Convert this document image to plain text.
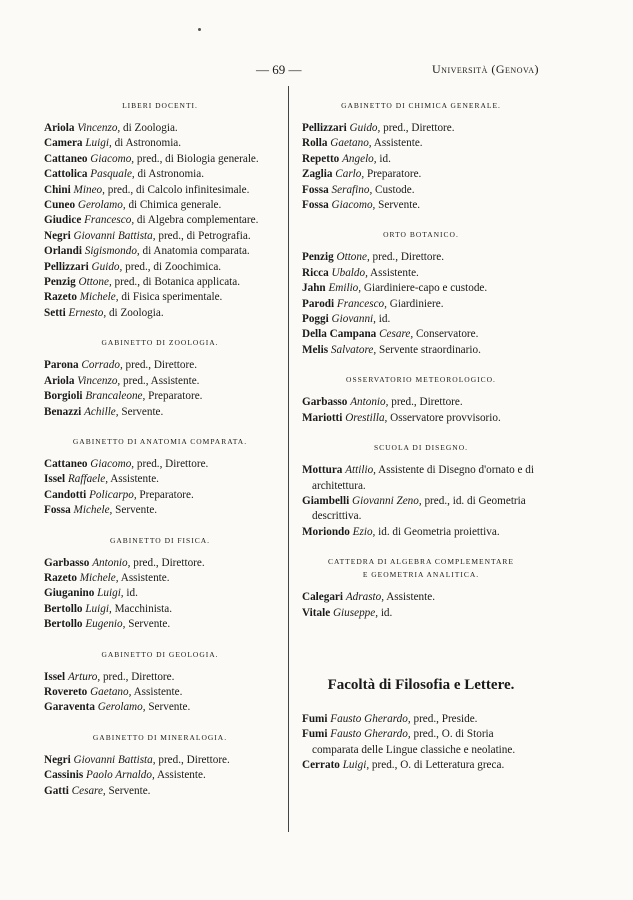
— 69 —	Università (Genova)
LIBERI DOCENTI.
Ariola Vincenzo, di Zoologia.
Camera Luigi, di Astronomia.
Cattaneo Giacomo, pred., di Biologia generale.
Cattolica Pasquale, di Astronomia.
Chini Mineo, pred., di Calcolo infinitesimale.
Cuneo Gerolamo, di Chimica generale.
Giudice Francesco, di Algebra complementare.
Negri Giovanni Battista, pred., di Petrografia.
Orlandi Sigismondo, di Anatomia comparata.
Pellizzari Guido, pred., di Zoochimica.
Penzig Ottone, pred., di Botanica applicata.
Razeto Michele, di Fisica sperimentale.
Setti Ernesto, di Zoologia.
GABINETTO DI ZOOLOGIA.
Parona Corrado, pred., Direttore.
Ariola Vincenzo, pred., Assistente.
Borgioli Brancaleone, Preparatore.
Benazzi Achille, Servente.
GABINETTO DI ANATOMIA COMPARATA.
Cattaneo Giacomo, pred., Direttore.
Issel Raffaele, Assistente.
Candotti Policarpo, Preparatore.
Fossa Michele, Servente.
GABINETTO DI FISICA.
Garbasso Antonio, pred., Direttore.
Razeto Michele, Assistente.
Giuganino Luigi, id.
Bertollo Luigi, Macchinista.
Bertollo Eugenio, Servente.
GABINETTO DI GEOLOGIA.
Issel Arturo, pred., Direttore.
Rovereto Gaetano, Assistente.
Garaventa Gerolamo, Servente.
GABINETTO DI MINERALOGIA.
Negri Giovanni Battista, pred., Direttore.
Cassinis Paolo Arnaldo, Assistente.
Gatti Cesare, Servente.
GABINETTO DI CHIMICA GENERALE.
Pellizzari Guido, pred., Direttore.
Rolla Gaetano, Assistente.
Repetto Angelo, id.
Zaglia Carlo, Preparatore.
Fossa Serafino, Custode.
Fossa Giacomo, Servente.
ORTO BOTANICO.
Penzig Ottone, pred., Direttore.
Ricca Ubaldo, Assistente.
Jahn Emilio, Giardiniere-capo e custode.
Parodi Francesco, Giardiniere.
Poggi Giovanni, id.
Della Campana Cesare, Conservatore.
Melis Salvatore, Servente straordinario.
OSSERVATORIO METEOROLOGICO.
Garbasso Antonio, pred., Direttore.
Mariotti Orestilla, Osservatore provvisorio.
SCUOLA DI DISEGNO.
Mottura Attilio, Assistente di Disegno d'ornato e di architettura.
Giambelli Giovanni Zeno, pred., id. di Geometria descrittiva.
Moriondo Ezio, id. di Geometria proiettiva.
CATTEDRA DI ALGEBRA COMPLEMENTARE
E GEOMETRIA ANALITICA.
Calegari Adrasto, Assistente.
Vitale Giuseppe, id.
Facoltà di Filosofia e Lettere.
Fumi Fausto Gherardo, pred., Preside.
Fumi Fausto Gherardo, pred., O. di Storia comparata delle Lingue classiche e neolatine.
Cerrato Luigi, pred., O. di Letteratura greca.
